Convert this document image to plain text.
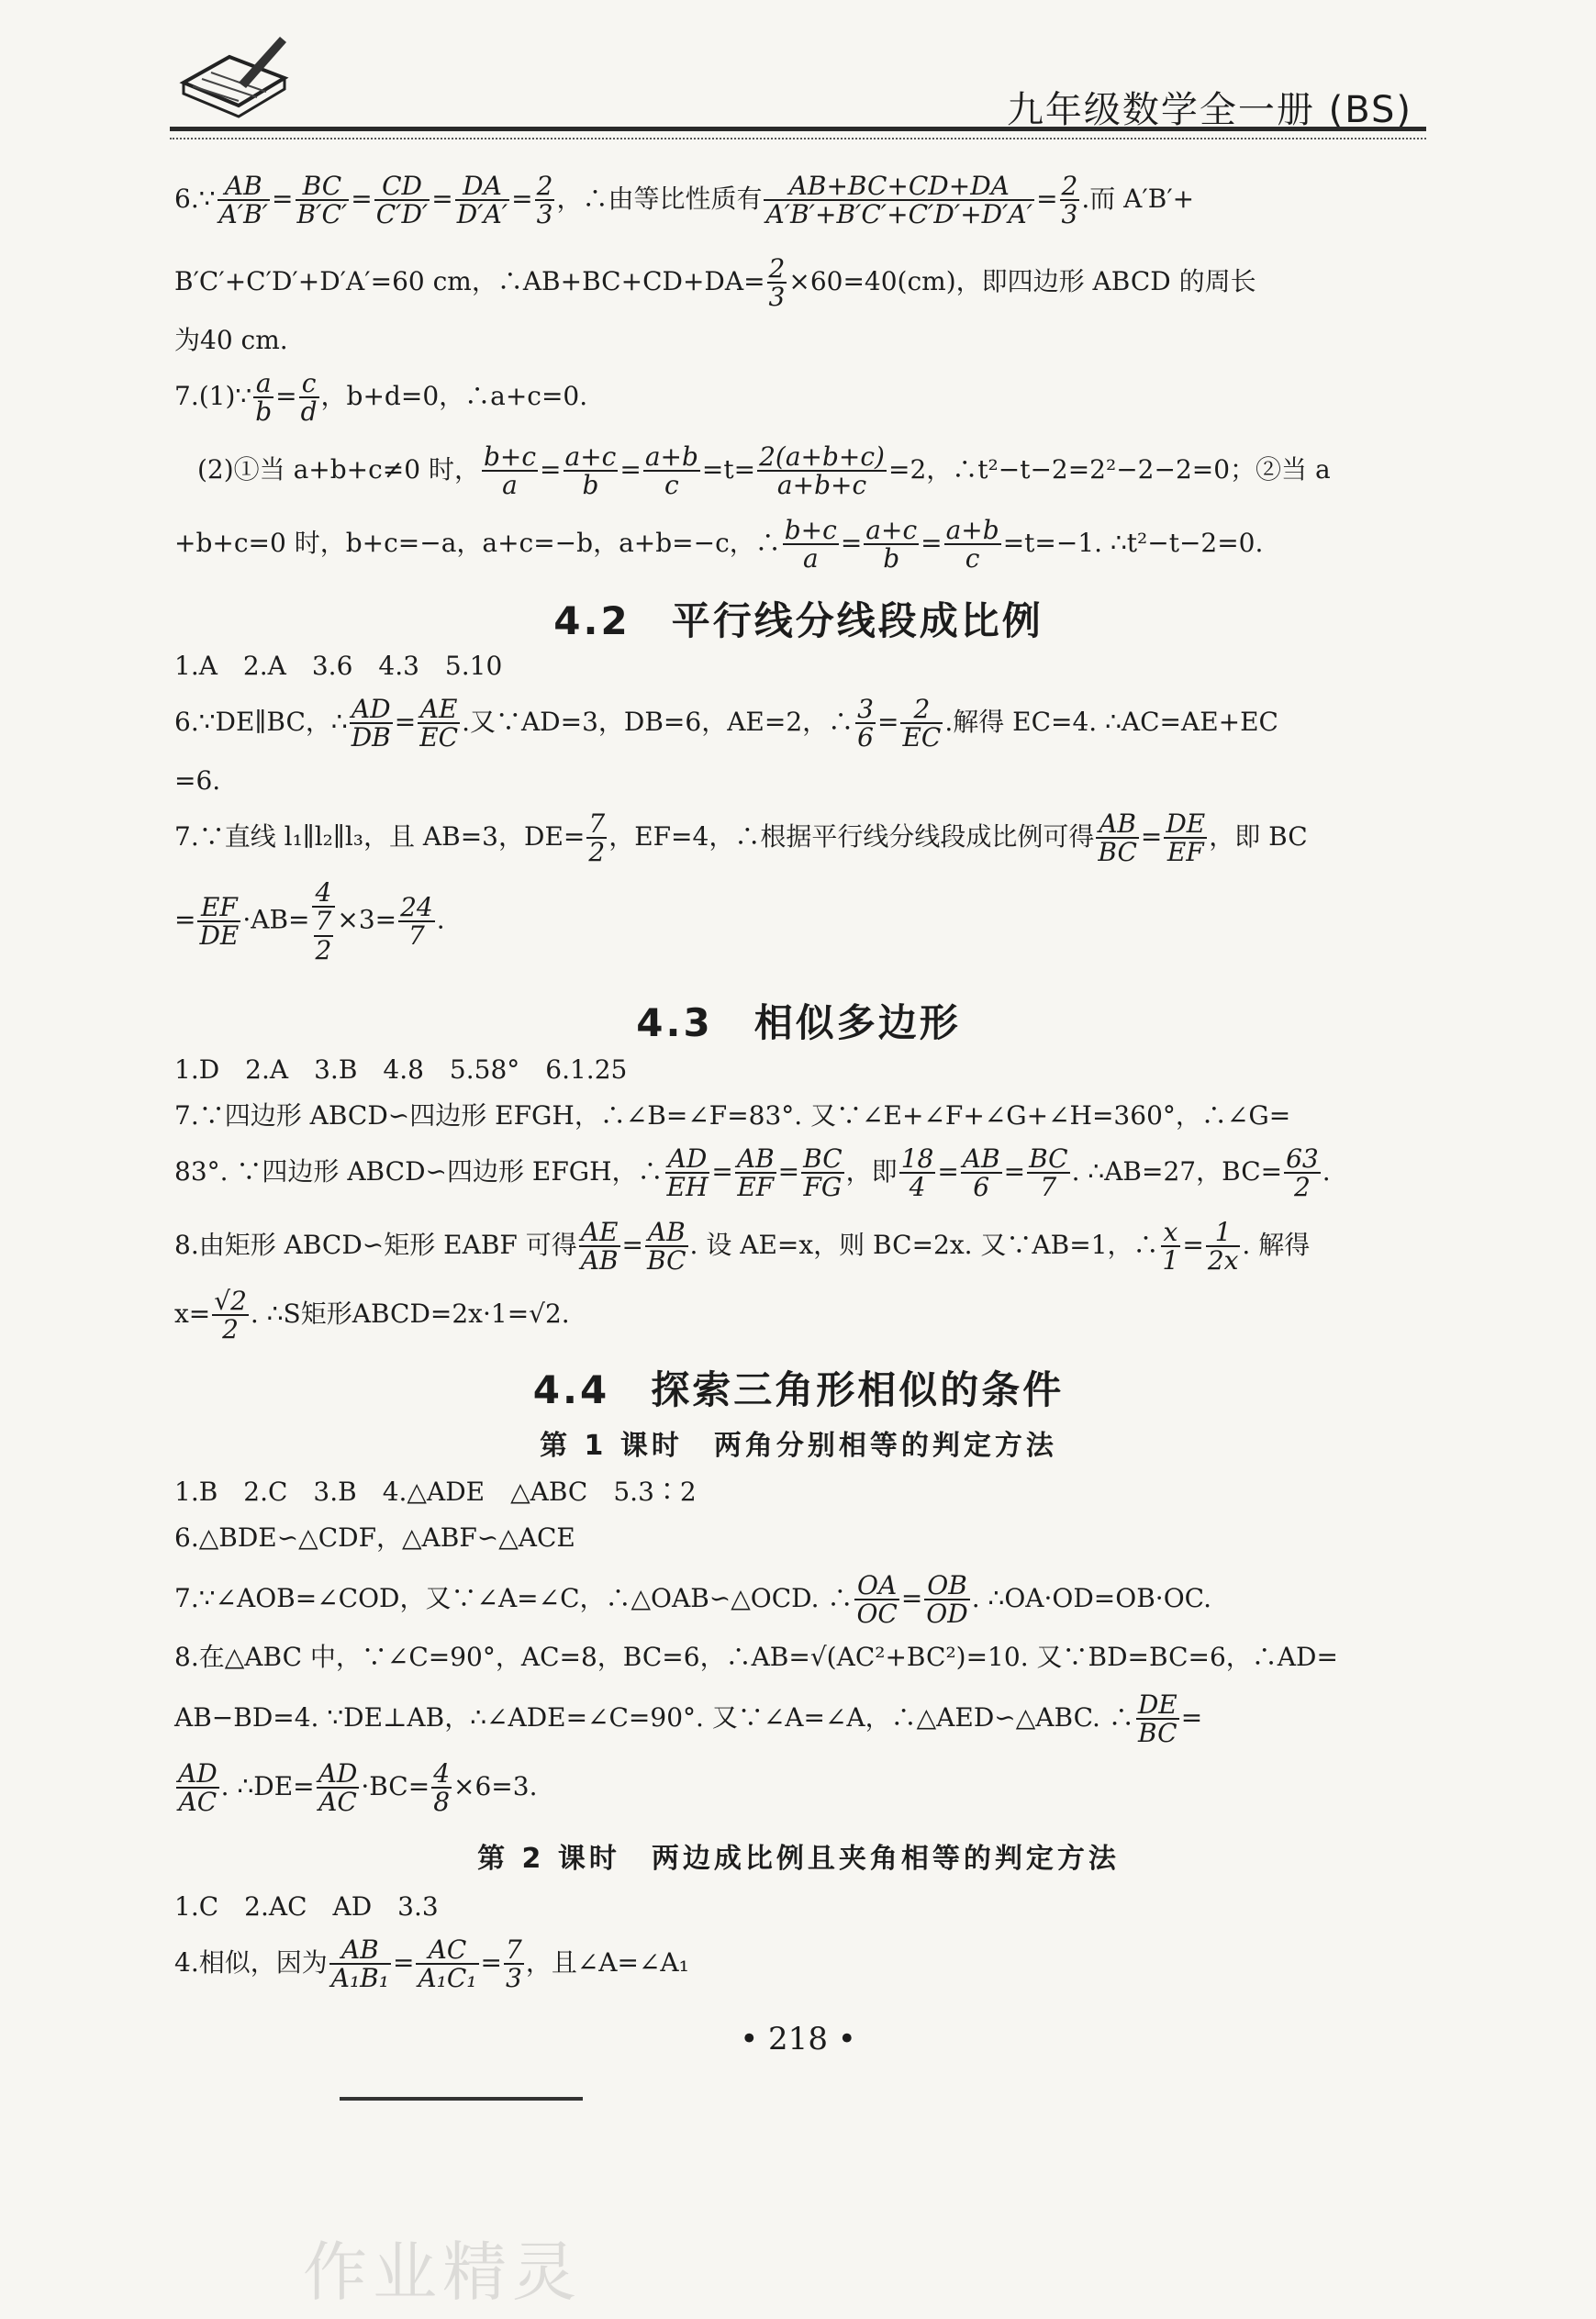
九年级数学全一册 (BS)
6.∵ $\frac{AB}{A'B'} = \frac{BC}{B'C'} = \frac{CD}{C'D'} = \frac{DA}{D'A'} = \frac{2}{3}$ ，∴由等比性质有 $\frac{AB+BC+CD+DA}{A'B'+B'C'+C'D'+D'A'} = \frac{2}{3}$ .而 A′B′+
B′C′+C′D′+D′A′=60 cm，∴AB+BC+CD+DA= $\frac{2}{3} \times 60=40(cm)$，即四边形 ABCD 的周长
为40 cm.
7.(1)∵ $\frac{a}{b} = \frac{c}{d}$ ，b+d=0，∴a+c=0.
(2)①当 a+b+c≠0 时， $\frac{b+c}{a} = \frac{a+c}{b} = \frac{a+b}{c} =t= \frac{2(a+b+c)}{a+b+c} =2$，∴t²−t−2=2²−2−2=0；②当 a
+b+c=0 时，b+c=−a，a+c=−b，a+b=−c，∴ $\frac{b+c}{a} = \frac{a+c}{b} = \frac{a+b}{c} =t=-1$. ∴t²−t−2=0.
4.2　平行线分线段成比例
1.A　2.A　3.6　4.3　5.10
6.∵DE∥BC，∴ $\frac{AD}{DB} = \frac{AE}{EC}$ .又∵AD=3，DB=6，AE=2，∴ $\frac{3}{6} = \frac{2}{EC}$ .解得 EC=4. ∴AC=AE+EC
=6.
7.∵直线 l₁∥l₂∥l₃，且 AB=3，$DE= \frac{7}{2}$ ，EF=4，∴根据平行线分线段成比例可得 $\frac{AB}{BC} = \frac{DE}{EF}$ ，即 BC
= $\frac{EF}{DE} \cdot AB= \frac{4}{\frac{7}{2}} \times 3= \frac{24}{7}$ .
4.3　相似多边形
1.D　2.A　3.B　4.8　5.58°　6.1.25
7.∵四边形 ABCD∽四边形 EFGH，∴∠B=∠F=83°. 又∵∠E+∠F+∠G+∠H=360°，∴∠G=
83°. ∵四边形 ABCD∽四边形 EFGH，∴ $\frac{AD}{EH} = \frac{AB}{EF} = \frac{BC}{FG}$ ，即 $\frac{18}{4} = \frac{AB}{6} = \frac{BC}{7}$ . ∴AB=27，$BC= \frac{63}{2}$ .
8.由矩形 ABCD∽矩形 EABF 可得 $\frac{AE}{AB} = \frac{AB}{BC}$ . 设 AE=x，则 BC=2x. 又∵AB=1，∴ $\frac{x}{1} = \frac{1}{2x}$ . 解得
$x= \frac{√2}{2}$ . ∴S矩形ABCD=2x·1=√2.
4.4　探索三角形相似的条件
第 1 课时　两角分别相等的判定方法
1.B　2.C　3.B　4.△ADE　△ABC　5.3∶2
6.△BDE∽△CDF，△ABF∽△ACE
7.∵∠AOB=∠COD，又∵∠A=∠C，∴△OAB∽△OCD. ∴ $\frac{OA}{OC} = \frac{OB}{OD}$ . ∴OA·OD=OB·OC.
8.在△ABC 中，∵∠C=90°，AC=8，BC=6，∴AB=√(AC²+BC²)=10. 又∵BD=BC=6，∴AD=
AB−BD=4. ∵DE⊥AB，∴∠ADE=∠C=90°. 又∵∠A=∠A，∴△AED∽△ABC. ∴ $\frac{DE}{BC}$ =
$\frac{AD}{AC}$ . ∴DE= $\frac{AD}{AC} \cdot BC= \frac{4}{8} \times 6=3$.
第 2 课时　两边成比例且夹角相等的判定方法
1.C　2.AC　AD　3.3
4.相似，因为 $\frac{AB}{\text{A₁B₁}} = \frac{AC}{\text{A₁C₁}} = \frac{7}{3}$ ，且∠A=∠A₁
• 218 •
作业精灵
